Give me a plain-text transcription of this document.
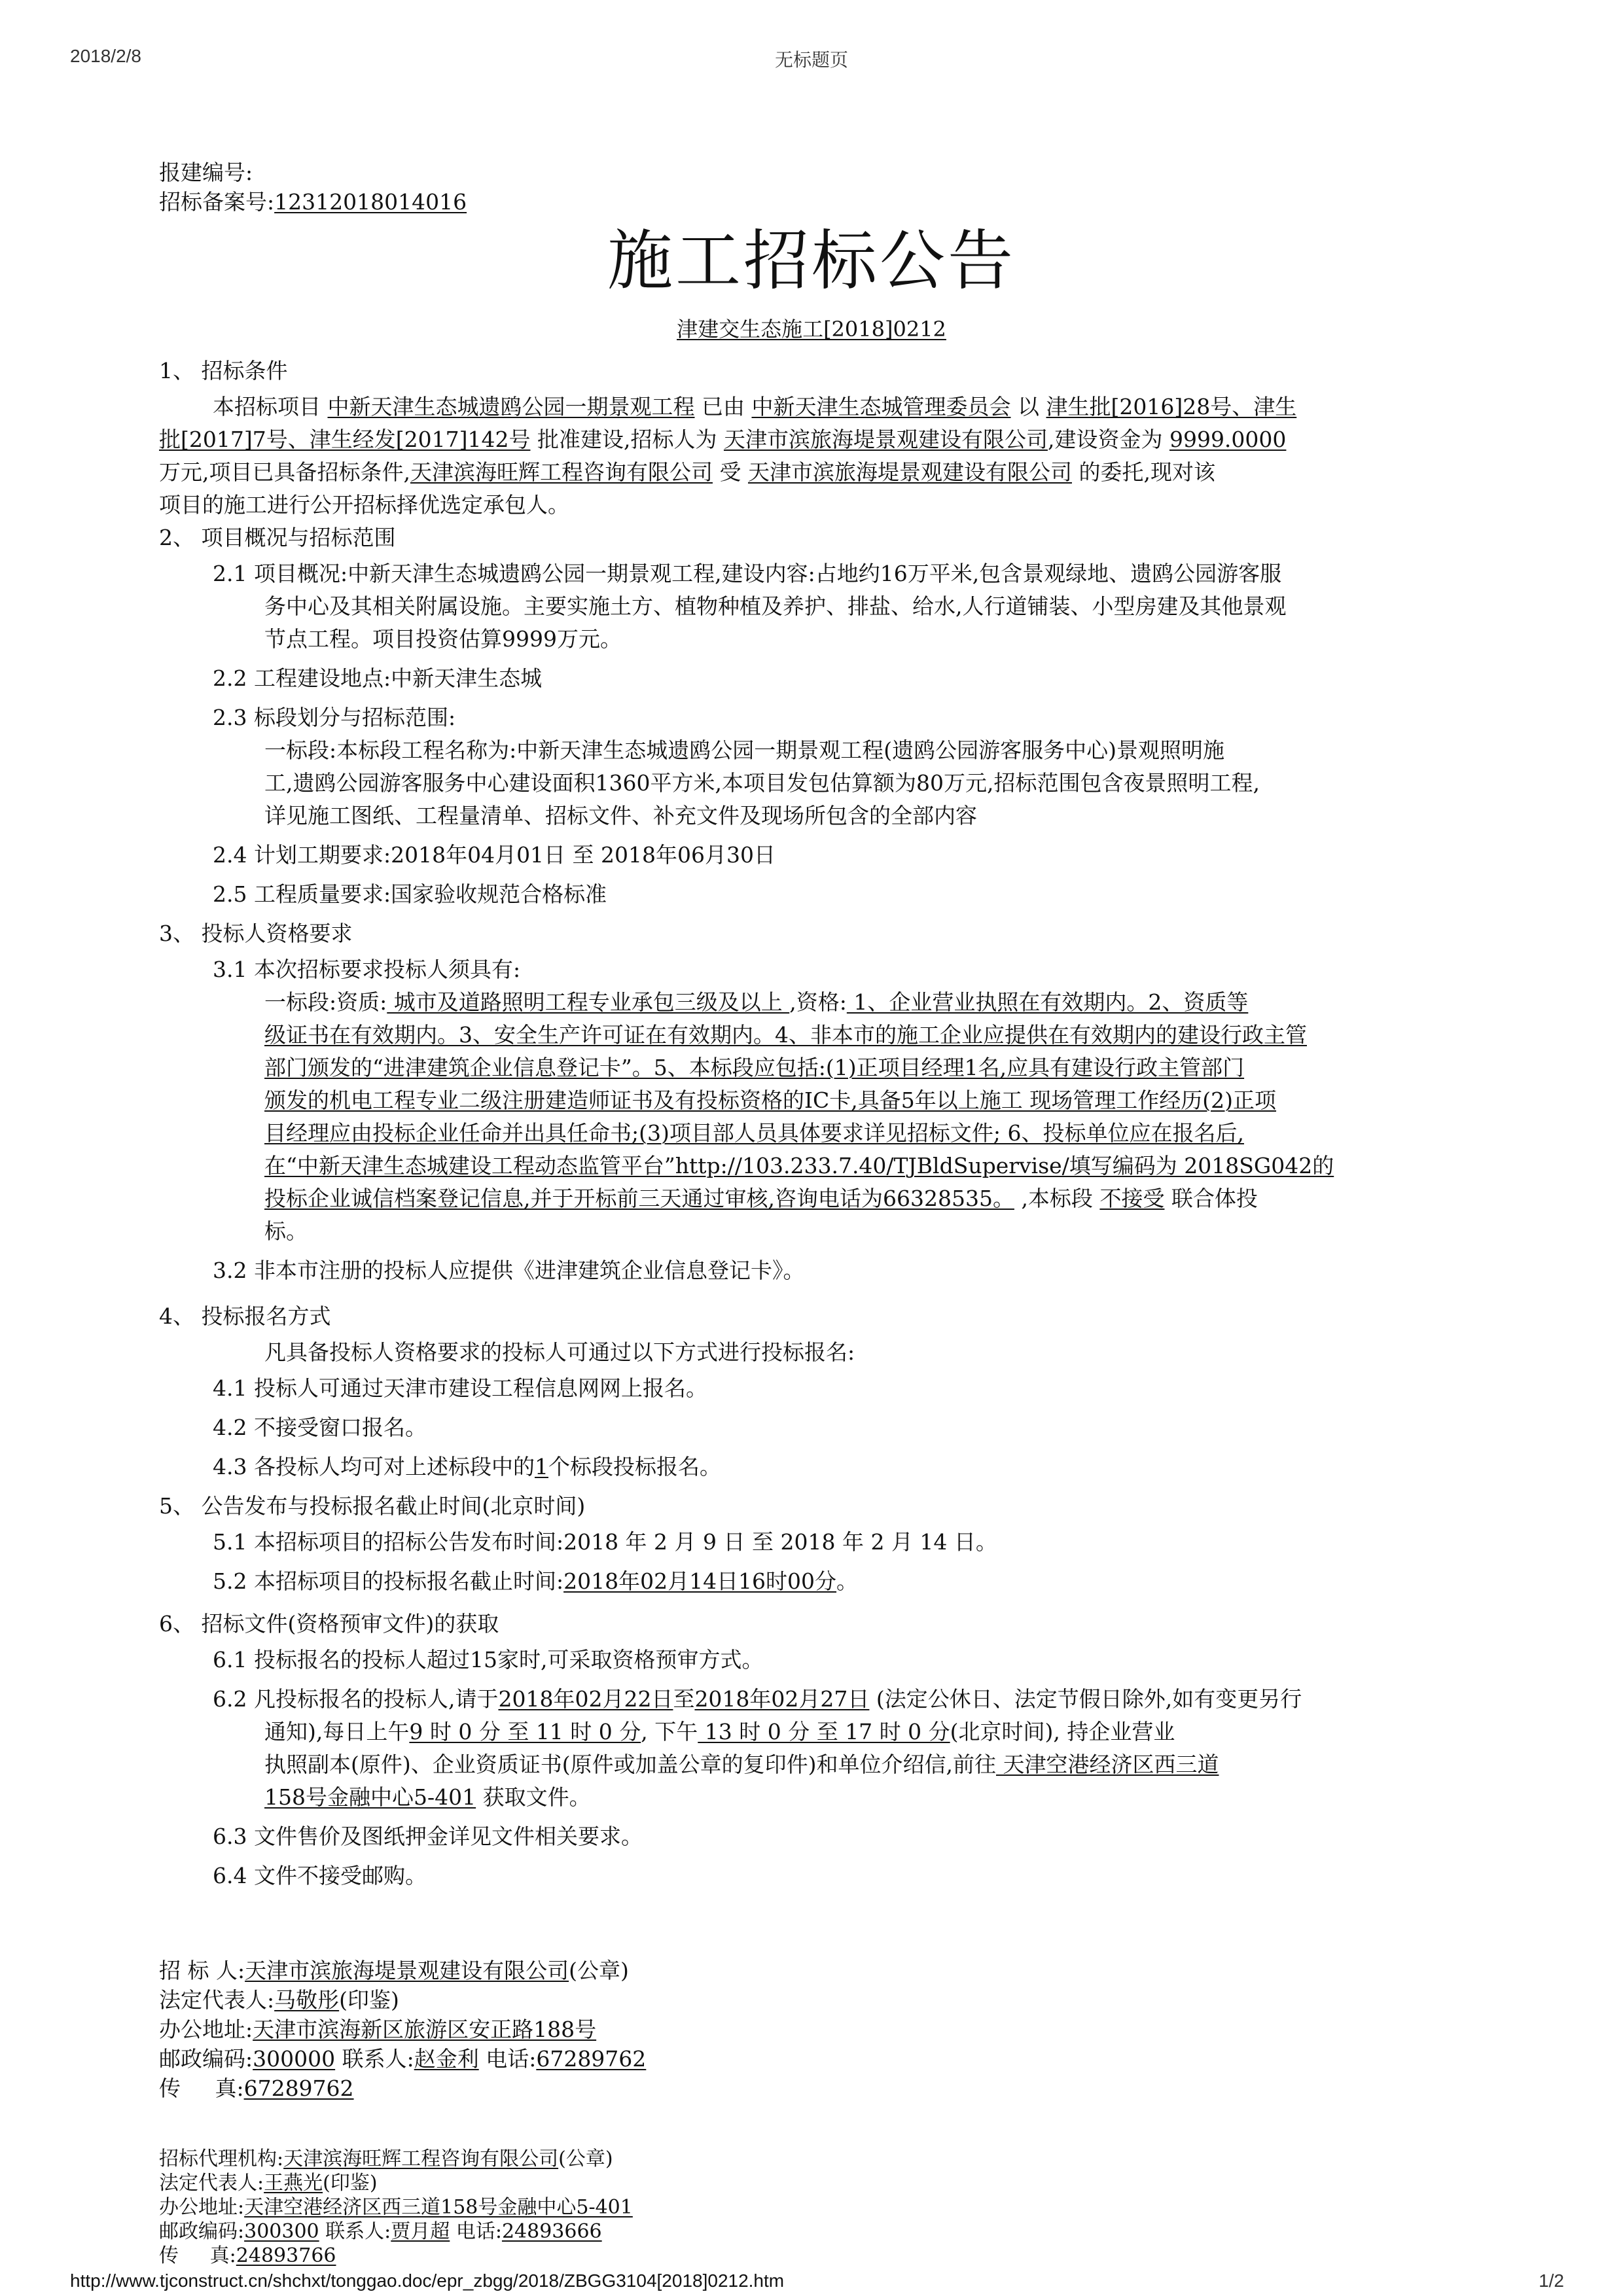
2018/2/8	无标题页
报建编号:
招标备案号:12312018014016
施工招标公告
津建交生态施工[2018]0212
1、 招标条件
本招标项目 中新天津生态城遗鸥公园一期景观工程 已由 中新天津生态城管理委员会 以 津生批[2016]28号、津生
批[2017]7号、津生经发[2017]142号 批准建设,招标人为 天津市滨旅海堤景观建设有限公司,建设资金为 9999.0000
万元,项目已具备招标条件,天津滨海旺辉工程咨询有限公司 受 天津市滨旅海堤景观建设有限公司 的委托,现对该
项目的施工进行公开招标择优选定承包人。
2、 项目概况与招标范围
2.1 项目概况:中新天津生态城遗鸥公园一期景观工程,建设内容:占地约16万平米,包含景观绿地、遗鸥公园游客服
务中心及其相关附属设施。主要实施土方、植物种植及养护、排盐、给水,人行道铺装、小型房建及其他景观
节点工程。项目投资估算9999万元。
2.2 工程建设地点:中新天津生态城
2.3 标段划分与招标范围:
一标段:本标段工程名称为:中新天津生态城遗鸥公园一期景观工程(遗鸥公园游客服务中心)景观照明施
工,遗鸥公园游客服务中心建设面积1360平方米,本项目发包估算额为80万元,招标范围包含夜景照明工程,
详见施工图纸、工程量清单、招标文件、补充文件及现场所包含的全部内容
2.4 计划工期要求:2018年04月01日 至 2018年06月30日
2.5 工程质量要求:国家验收规范合格标准
3、 投标人资格要求
3.1 本次招标要求投标人须具有:
一标段:资质: 城市及道路照明工程专业承包三级及以上 ,资格: 1、企业营业执照在有效期内。2、资质等
级证书在有效期内。3、安全生产许可证在有效期内。4、非本市的施工企业应提供在有效期内的建设行政主管
部门颁发的“进津建筑企业信息登记卡”。5、本标段应包括:(1)正项目经理1名,应具有建设行政主管部门
颁发的机电工程专业二级注册建造师证书及有投标资格的IC卡,具备5年以上施工 现场管理工作经历(2)正项
目经理应由投标企业任命并出具任命书;(3)项目部人员具体要求详见招标文件; 6、投标单位应在报名后,
在“中新天津生态城建设工程动态监管平台”http://103.233.7.40/TJBldSupervise/填写编码为 2018SG042的
投标企业诚信档案登记信息,并于开标前三天通过审核,咨询电话为66328535。 ,本标段 不接受 联合体投
标。
3.2 非本市注册的投标人应提供《进津建筑企业信息登记卡》。
4、 投标报名方式
凡具备投标人资格要求的投标人可通过以下方式进行投标报名:
4.1 投标人可通过天津市建设工程信息网网上报名。
4.2 不接受窗口报名。
4.3 各投标人均可对上述标段中的1个标段投标报名。
5、 公告发布与投标报名截止时间(北京时间)
5.1 本招标项目的招标公告发布时间:2018 年 2 月 9 日 至 2018 年 2 月 14 日。
5.2 本招标项目的投标报名截止时间:2018年02月14日16时00分。
6、 招标文件(资格预审文件)的获取
6.1 投标报名的投标人超过15家时,可采取资格预审方式。
6.2 凡投标报名的投标人,请于2018年02月22日至2018年02月27日 (法定公休日、法定节假日除外,如有变更另行
通知),每日上午9 时 0 分 至 11 时 0 分, 下午 13 时 0 分 至 17 时 0 分(北京时间), 持企业营业
执照副本(原件)、企业资质证书(原件或加盖公章的复印件)和单位介绍信,前往 天津空港经济区西三道
158号金融中心5-401 获取文件。
6.3 文件售价及图纸押金详见文件相关要求。
6.4 文件不接受邮购。
招 标 人:天津市滨旅海堤景观建设有限公司(公章)
法定代表人:马敬彤(印鉴)
办公地址:天津市滨海新区旅游区安正路188号
邮政编码:300000 联系人:赵金利 电话:67289762
传     真:67289762
招标代理机构:天津滨海旺辉工程咨询有限公司(公章)
法定代表人:王燕光(印鉴)
办公地址:天津空港经济区西三道158号金融中心5-401
邮政编码:300300 联系人:贾月超 电话:24893666
传     真:24893766
http://www.tjconstruct.cn/shchxt/tonggao.doc/epr_zbgg/2018/ZBGG3104[2018]0212.htm	1/2
